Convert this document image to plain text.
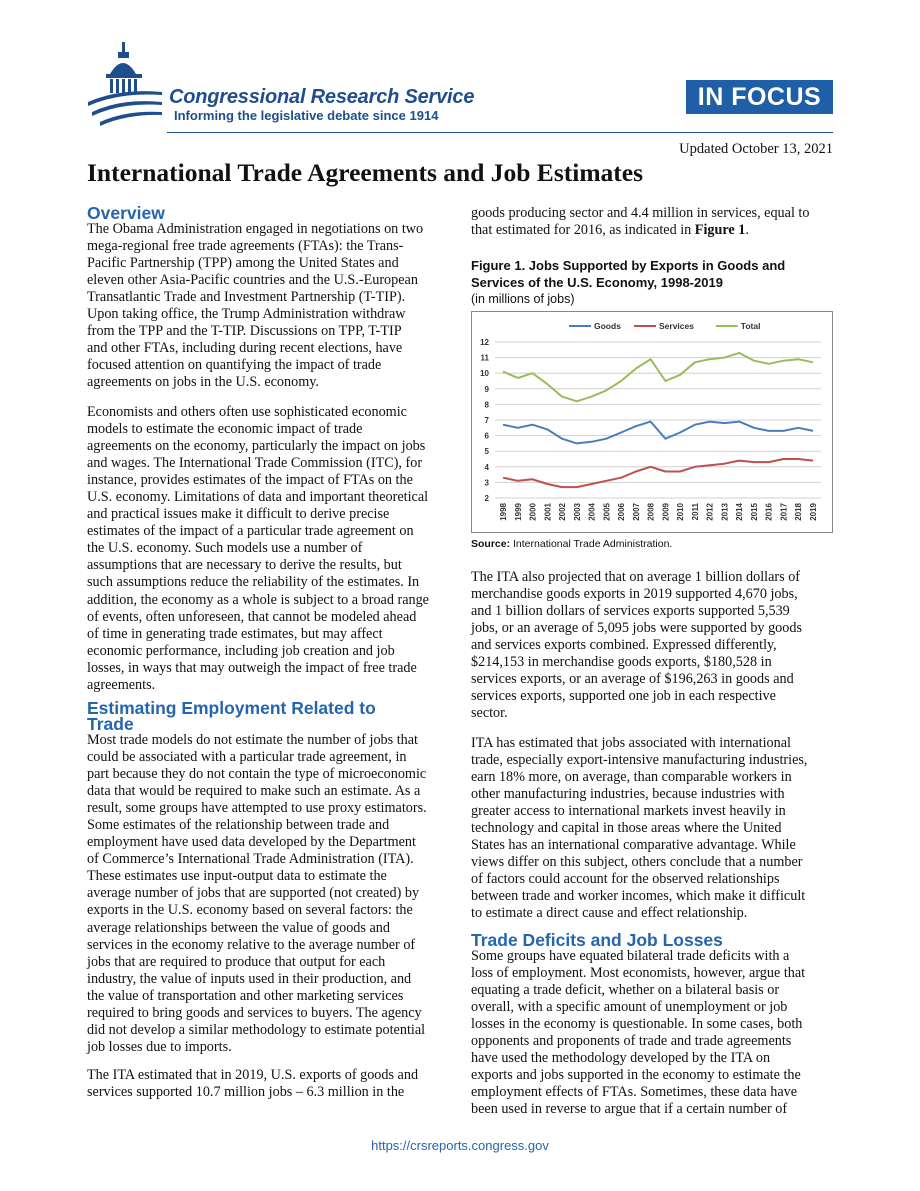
Congressional Research Service
Informing the legislative debate since 1914
IN FOCUS
Updated October 13, 2021
International Trade Agreements and Job Estimates
Overview
The Obama Administration engaged in negotiations on two
mega-regional free trade agreements (FTAs): the Trans-
Pacific Partnership (TPP) among the United States and
eleven other Asia-Pacific countries and the U.S.-European
Transatlantic Trade and Investment Partnership (T-TIP).
Upon taking office, the Trump Administration withdraw
from the TPP and the T-TIP. Discussions on TPP, T-TIP
and other FTAs, including during recent elections, have
focused attention on quantifying the impact of trade
agreements on jobs in the U.S. economy.
Economists and others often use sophisticated economic
models to estimate the economic impact of trade
agreements on the economy, particularly the impact on jobs
and wages. The International Trade Commission (ITC), for
instance, provides estimates of the impact of FTAs on the
U.S. economy. Limitations of data and important theoretical
and practical issues make it difficult to derive precise
estimates of the impact of a particular trade agreement on
the U.S. economy. Such models use a number of
assumptions that are necessary to derive the results, but
such assumptions reduce the reliability of the estimates. In
addition, the economy as a whole is subject to a broad range
of events, often unforeseen, that cannot be modeled ahead
of time in generating trade estimates, but may affect
economic performance, including job creation and job
losses, in ways that may outweigh the impact of free trade
agreements.
Estimating Employment Related to
Trade
Most trade models do not estimate the number of jobs that
could be associated with a particular trade agreement, in
part because they do not contain the type of microeconomic
data that would be required to make such an estimate. As a
result, some groups have attempted to use proxy estimators.
Some estimates of the relationship between trade and
employment have used data developed by the Department
of Commerce’s International Trade Administration (ITA).
These estimates use input-output data to estimate the
average number of jobs that are supported (not created) by
exports in the U.S. economy based on several factors: the
average relationships between the value of goods and
services in the economy relative to the average number of
jobs that are required to produce that output for each
industry, the value of inputs used in their production, and
the value of transportation and other marketing services
required to bring goods and services to buyers. The agency
did not develop a similar methodology to estimate potential
job losses due to imports.
The ITA estimated that in 2019, U.S. exports of goods and
services supported 10.7 million jobs – 6.3 million in the

goods producing sector and 4.4 million in services, equal to

that estimated for 2016, as indicated in Figure 1.

Figure 1. Jobs Supported by Exports in Goods and
Services of the U.S. Economy, 1998-2019
(in millions of jobs)
2
3
4
5
6
7
8
9
10
11
12
1998 1999 2000 2001 2002 2003 2004 2005 2006 2007 2008 2009 2010 2011 2012 2013 2014 2015 2016 2017 2018 2019
Goods	Services	Total
Source: International Trade Administration.
The ITA also projected that on average 1 billion dollars of
merchandise goods exports in 2019 supported 4,670 jobs,
and 1 billion dollars of services exports supported 5,539
jobs, or an average of 5,095 jobs were supported by goods
and services exports combined. Expressed differently,
$214,153 in merchandise goods exports, $180,528 in
services exports, or an average of $196,263 in goods and
services exports, supported one job in each respective
sector.
ITA has estimated that jobs associated with international
trade, especially export-intensive manufacturing industries,
earn 18% more, on average, than comparable workers in
other manufacturing industries, because industries with
greater access to international markets invest heavily in
technology and capital in those areas where the United
States has an international comparative advantage. While
views differ on this subject, others conclude that a number
of factors could account for the observed relationships
between trade and worker incomes, which make it difficult
to estimate a direct cause and effect relationship.
Trade Deficits and Job Losses
Some groups have equated bilateral trade deficits with a
loss of employment. Most economists, however, argue that
equating a trade deficit, whether on a bilateral basis or
overall, with a specific amount of unemployment or job
losses in the economy is questionable. In some cases, both
opponents and proponents of trade and trade agreements
have used the methodology developed by the ITA on
exports and jobs supported in the economy to estimate the
employment effects of FTAs. Sometimes, these data have
been used in reverse to argue that if a certain number of
https://crsreports.congress.gov
